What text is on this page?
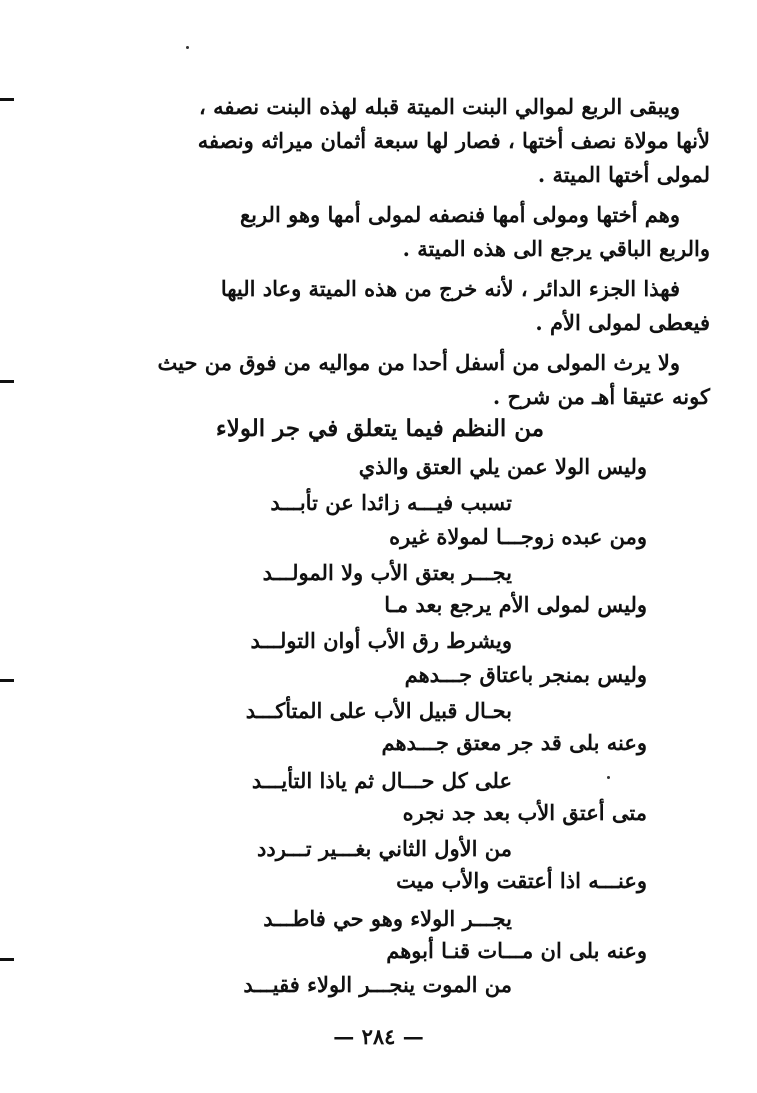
ويبقى الربع لموالي البنت الميتة قبله لهذه البنت نصفه ،
لأنها مولاة نصف أختها ، فصار لها سبعة أثمان ميراثه ونصفه
لمولى أختها الميتة .

وهم أختها ومولى أمها فنصفه لمولى أمها وهو الربع
والربع الباقي يرجع الى هذه الميتة .

فهذا الجزء الدائر ، لأنه خرج من هذه الميتة وعاد اليها
فيعطى لمولى الأم .

ولا يرث المولى من أسفل أحدا من مواليه من فوق من حيث
كونه عتيقا أهـ من شرح .

من النظم فيما يتعلق في جر الولاء
وليس الولا عمن يلي العتق والذي
تسبب فيـــه زائدا عن تأبـــد
ومن عبده زوجـــا لمولاة غيره
يجـــر بعتق الأب ولا المولـــد
وليس لمولى الأم يرجع بعد مـا
ويشرط رق الأب أوان التولـــد
وليس بمنجر باعتاق جـــدهم
بحـال قبيل الأب على المتأكـــد
وعنه بلى قد جر معتق جـــدهم
على كل حـــال ثم ياذا التأيـــد
متى أعتق الأب بعد جد نجره
من الأول الثاني بغـــير تـــردد
وعنـــه اذا أعتقت والأب ميت
يجـــر الولاء وهو حي فاطـــد
وعنه بلى ان مـــات قنـا أبوهم
من الموت ينجـــر الولاء فقيـــد
— ٢٨٤ —
